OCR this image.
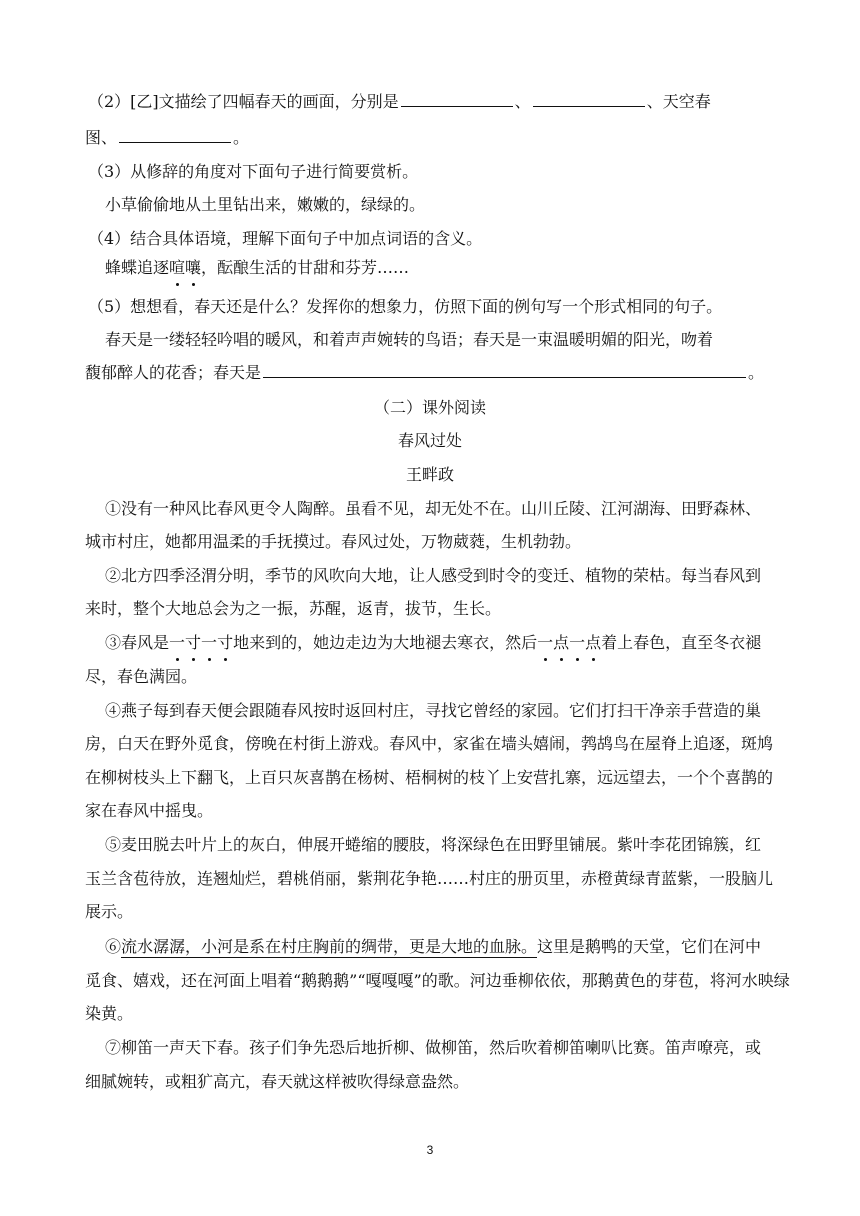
（2）[乙]文描绘了四幅春天的画面，分别是	、	、天空春
图、	。
（3）从修辞的角度对下面句子进行简要赏析。
小草偷偷地从土里钻出来，嫩嫩的，绿绿的。
（4）结合具体语境，理解下面句子中加点词语的含义。
蜂蝶追逐喧嚷，酝酿生活的甘甜和芬芳……
（5）想想看，春天还是什么？发挥你的想象力，仿照下面的例句写一个形式相同的句子。
春天是一缕轻轻吟唱的暖风，和着声声婉转的鸟语；春天是一束温暖明媚的阳光，吻着
馥郁醉人的花香；春天是	。
（二）课外阅读
春风过处
王畔政
①没有一种风比春风更令人陶醉。虽看不见，却无处不在。山川丘陵、江河湖海、田野森林、
城市村庄，她都用温柔的手抚摸过。春风过处，万物葳蕤，生机勃勃。
②北方四季泾渭分明，季节的风吹向大地，让人感受到时令的变迁、植物的荣枯。每当春风到
来时，整个大地总会为之一振，苏醒，返青，拔节，生长。
③春风是一寸一寸地来到的，她边走边为大地褪去寒衣，然后一点一点着上春色，直至冬衣褪
尽，春色满园。
④燕子每到春天便会跟随春风按时返回村庄，寻找它曾经的家园。它们打扫干净亲手营造的巢
房，白天在野外觅食，傍晚在村街上游戏。春风中，家雀在墙头嬉闹，鹁鸪鸟在屋脊上追逐，斑鸠
在柳树枝头上下翻飞，上百只灰喜鹊在杨树、梧桐树的枝丫上安营扎寨，远远望去，一个个喜鹊的
家在春风中摇曳。
⑤麦田脱去叶片上的灰白，伸展开蜷缩的腰肢，将深绿色在田野里铺展。紫叶李花团锦簇，红
玉兰含苞待放，连翘灿烂，碧桃俏丽，紫荆花争艳……村庄的册页里，赤橙黄绿青蓝紫，一股脑儿
展示。
⑥流水潺潺，小河是系在村庄胸前的绸带，更是大地的血脉。这里是鹅鸭的天堂，它们在河中
觅食、嬉戏，还在河面上唱着“鹅鹅鹅”“嘎嘎嘎”的歌。河边垂柳依依，那鹅黄色的芽苞，将河水映绿
染黄。
⑦柳笛一声天下春。孩子们争先恐后地折柳、做柳笛，然后吹着柳笛喇叭比赛。笛声嘹亮，或
细腻婉转，或粗犷高亢，春天就这样被吹得绿意盎然。
3
